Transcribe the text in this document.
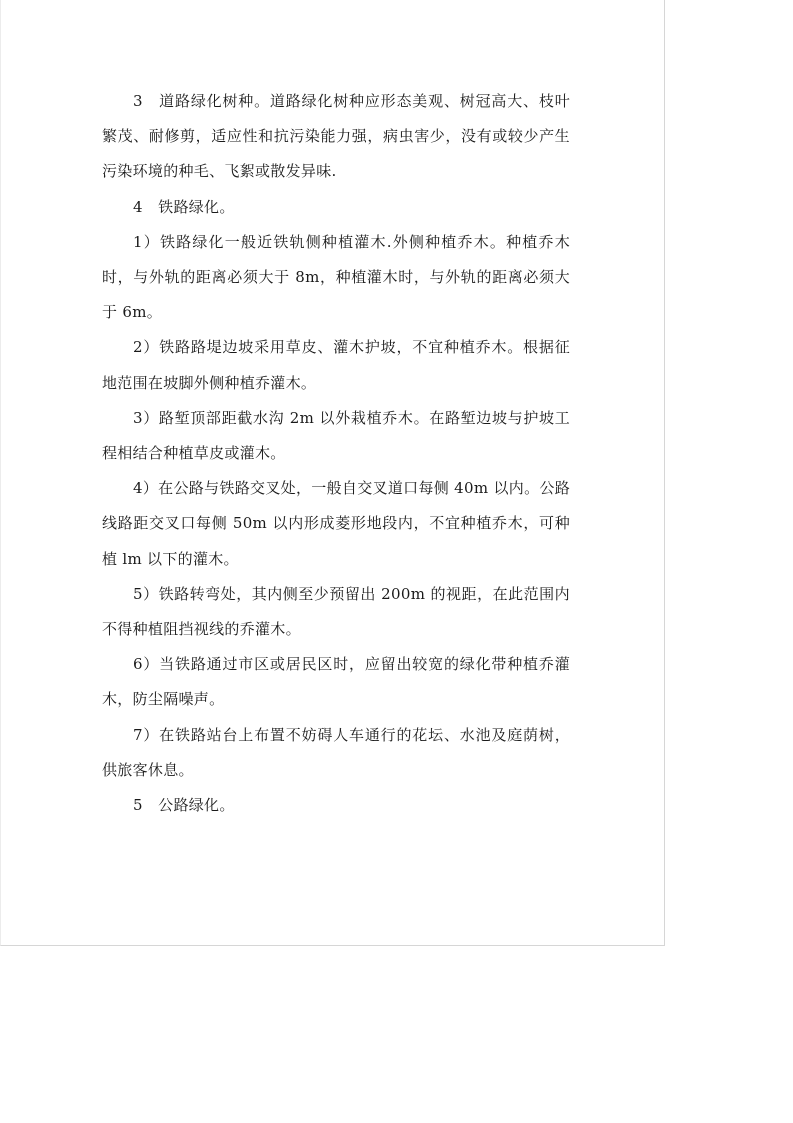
3　道路绿化树种。道路绿化树种应形态美观、树冠高大、枝叶繁茂、耐修剪，适应性和抗污染能力强，病虫害少，没有或较少产生污染环境的种毛、飞絮或散发异味.

4　铁路绿化。

1）铁路绿化一般近铁轨侧种植灌木.外侧种植乔木。种植乔木时，与外轨的距离必须大于 8m，种植灌木时，与外轨的距离必须大于 6m。

2）铁路路堤边坡采用草皮、灌木护坡，不宜种植乔木。根据征地范围在坡脚外侧种植乔灌木。

3）路堑顶部距截水沟 2m 以外栽植乔木。在路堑边坡与护坡工程相结合种植草皮或灌木。

4）在公路与铁路交叉处，一般自交叉道口每侧 40m 以内。公路线路距交叉口每侧 50m 以内形成菱形地段内，不宜种植乔木，可种植 lm 以下的灌木。

5）铁路转弯处，其内侧至少预留出 200m 的视距，在此范围内不得种植阻挡视线的乔灌木。

6）当铁路通过市区或居民区时，应留出较宽的绿化带种植乔灌木，防尘隔噪声。

7）在铁路站台上布置不妨碍人车通行的花坛、水池及庭荫树，供旅客休息。

5　公路绿化。
